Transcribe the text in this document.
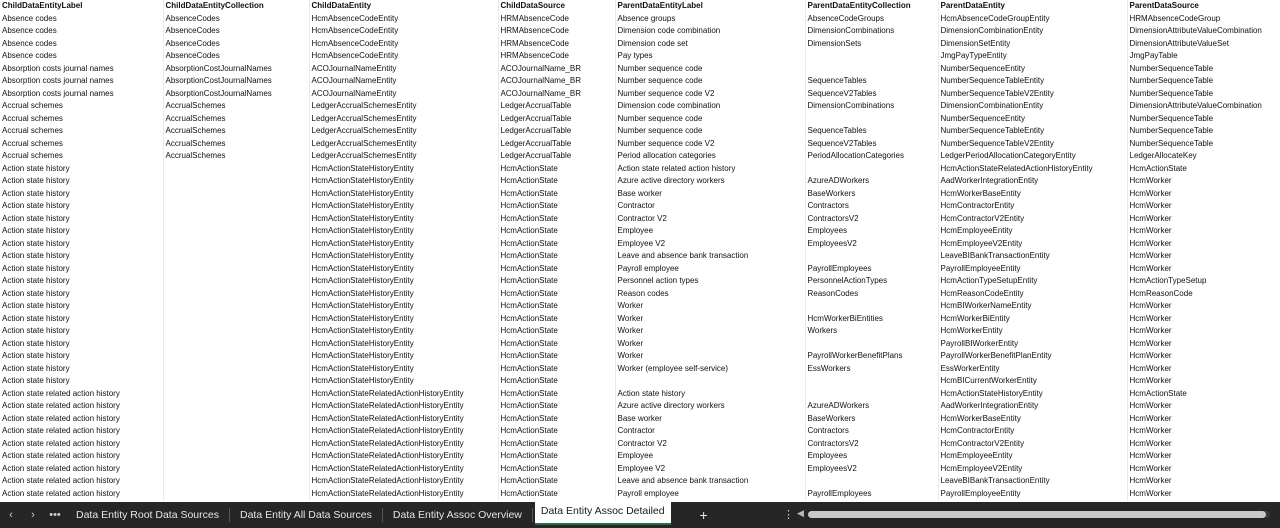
ChildDataEntityLabel	ChildDataEntityCollection	ChildDataEntity	ChildDataSource	ParentDataEntityLabel	ParentDataEntityCollection	ParentDataEntity	ParentDataSource
Absence codes	AbsenceCodes	HcmAbsenceCodeEntity	HRMAbsenceCode	Absence groups	AbsenceCodeGroups	HcmAbsenceCodeGroupEntity	HRMAbsenceCodeGroup
Absence codes	AbsenceCodes	HcmAbsenceCodeEntity	HRMAbsenceCode	Dimension code combination	DimensionCombinations	DimensionCombinationEntity	DimensionAttributeValueCombination
Absence codes	AbsenceCodes	HcmAbsenceCodeEntity	HRMAbsenceCode	Dimension code set	DimensionSets	DimensionSetEntity	DimensionAttributeValueSet
Absence codes	AbsenceCodes	HcmAbsenceCodeEntity	HRMAbsenceCode	Pay types		JmgPayTypeEntity	JmgPayTable
Absorption costs journal names	AbsorptionCostJournalNames	ACOJournalNameEntity	ACOJournalName_BR	Number sequence code		NumberSequenceEntity	NumberSequenceTable
Absorption costs journal names	AbsorptionCostJournalNames	ACOJournalNameEntity	ACOJournalName_BR	Number sequence code	SequenceTables	NumberSequenceTableEntity	NumberSequenceTable
Absorption costs journal names	AbsorptionCostJournalNames	ACOJournalNameEntity	ACOJournalName_BR	Number sequence code V2	SequenceV2Tables	NumberSequenceTableV2Entity	NumberSequenceTable
Accrual schemes	AccrualSchemes	LedgerAccrualSchemesEntity	LedgerAccrualTable	Dimension code combination	DimensionCombinations	DimensionCombinationEntity	DimensionAttributeValueCombination
Accrual schemes	AccrualSchemes	LedgerAccrualSchemesEntity	LedgerAccrualTable	Number sequence code		NumberSequenceEntity	NumberSequenceTable
Accrual schemes	AccrualSchemes	LedgerAccrualSchemesEntity	LedgerAccrualTable	Number sequence code	SequenceTables	NumberSequenceTableEntity	NumberSequenceTable
Accrual schemes	AccrualSchemes	LedgerAccrualSchemesEntity	LedgerAccrualTable	Number sequence code V2	SequenceV2Tables	NumberSequenceTableV2Entity	NumberSequenceTable
Accrual schemes	AccrualSchemes	LedgerAccrualSchemesEntity	LedgerAccrualTable	Period allocation categories	PeriodAllocationCategories	LedgerPeriodAllocationCategoryEntity	LedgerAllocateKey
Action state history		HcmActionStateHistoryEntity	HcmActionState	Action state related action history		HcmActionStateRelatedActionHistoryEntity	HcmActionState
Action state history		HcmActionStateHistoryEntity	HcmActionState	Azure active directory workers	AzureADWorkers	AadWorkerIntegrationEntity	HcmWorker
Action state history		HcmActionStateHistoryEntity	HcmActionState	Base worker	BaseWorkers	HcmWorkerBaseEntity	HcmWorker
Action state history		HcmActionStateHistoryEntity	HcmActionState	Contractor	Contractors	HcmContractorEntity	HcmWorker
Action state history		HcmActionStateHistoryEntity	HcmActionState	Contractor V2	ContractorsV2	HcmContractorV2Entity	HcmWorker
Action state history		HcmActionStateHistoryEntity	HcmActionState	Employee	Employees	HcmEmployeeEntity	HcmWorker
Action state history		HcmActionStateHistoryEntity	HcmActionState	Employee V2	EmployeesV2	HcmEmployeeV2Entity	HcmWorker
Action state history		HcmActionStateHistoryEntity	HcmActionState	Leave and absence bank transaction		LeaveBIBankTransactionEntity	HcmWorker
Action state history		HcmActionStateHistoryEntity	HcmActionState	Payroll employee	PayrollEmployees	PayrollEmployeeEntity	HcmWorker
Action state history		HcmActionStateHistoryEntity	HcmActionState	Personnel action types	PersonnelActionTypes	HcmActionTypeSetupEntity	HcmActionTypeSetup
Action state history		HcmActionStateHistoryEntity	HcmActionState	Reason codes	ReasonCodes	HcmReasonCodeEntity	HcmReasonCode
Action state history		HcmActionStateHistoryEntity	HcmActionState	Worker		HcmBIWorkerNameEntity	HcmWorker
Action state history		HcmActionStateHistoryEntity	HcmActionState	Worker	HcmWorkerBiEntities	HcmWorkerBiEntity	HcmWorker
Action state history		HcmActionStateHistoryEntity	HcmActionState	Worker	Workers	HcmWorkerEntity	HcmWorker
Action state history		HcmActionStateHistoryEntity	HcmActionState	Worker		PayrollBIWorkerEntity	HcmWorker
Action state history		HcmActionStateHistoryEntity	HcmActionState	Worker	PayrollWorkerBenefitPlans	PayrollWorkerBenefitPlanEntity	HcmWorker
Action state history		HcmActionStateHistoryEntity	HcmActionState	Worker (employee self-service)	EssWorkers	EssWorkerEntity	HcmWorker
Action state history		HcmActionStateHistoryEntity	HcmActionState			HcmBICurrentWorkerEntity	HcmWorker
Action state related action history		HcmActionStateRelatedActionHistoryEntity	HcmActionState	Action state history		HcmActionStateHistoryEntity	HcmActionState
Action state related action history		HcmActionStateRelatedActionHistoryEntity	HcmActionState	Azure active directory workers	AzureADWorkers	AadWorkerIntegrationEntity	HcmWorker
Action state related action history		HcmActionStateRelatedActionHistoryEntity	HcmActionState	Base worker	BaseWorkers	HcmWorkerBaseEntity	HcmWorker
Action state related action history		HcmActionStateRelatedActionHistoryEntity	HcmActionState	Contractor	Contractors	HcmContractorEntity	HcmWorker
Action state related action history		HcmActionStateRelatedActionHistoryEntity	HcmActionState	Contractor V2	ContractorsV2	HcmContractorV2Entity	HcmWorker
Action state related action history		HcmActionStateRelatedActionHistoryEntity	HcmActionState	Employee	Employees	HcmEmployeeEntity	HcmWorker
Action state related action history		HcmActionStateRelatedActionHistoryEntity	HcmActionState	Employee V2	EmployeesV2	HcmEmployeeV2Entity	HcmWorker
Action state related action history		HcmActionStateRelatedActionHistoryEntity	HcmActionState	Leave and absence bank transaction		LeaveBIBankTransactionEntity	HcmWorker
Action state related action history		HcmActionStateRelatedActionHistoryEntity	HcmActionState	Payroll employee	PayrollEmployees	PayrollEmployeeEntity	HcmWorker
‹	›	•••	Data Entity Root Data Sources	Data Entity All Data Sources	Data Entity Assoc Overview	Data Entity Assoc Detailed	+	⋮ ◀
